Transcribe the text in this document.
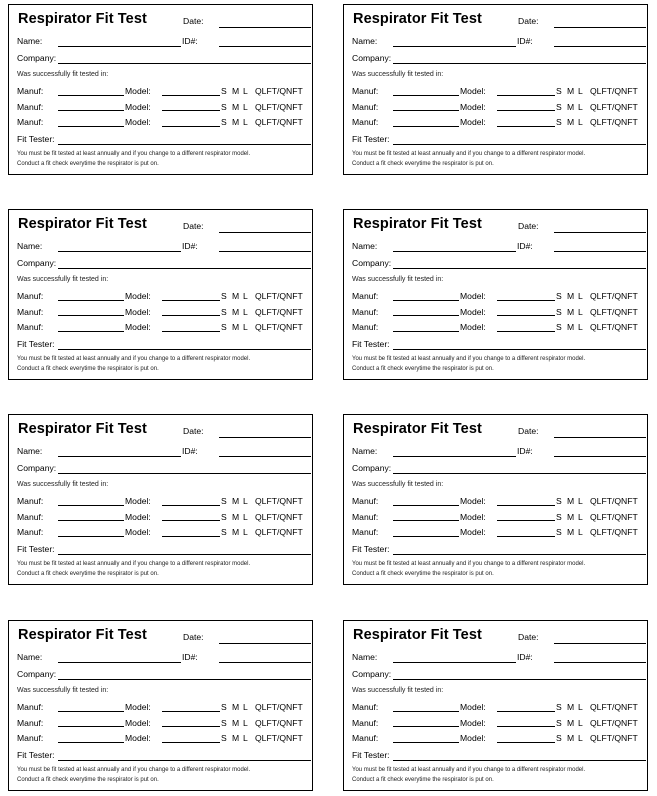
Respirator Fit Test	Date:
Name:	ID#:
Company:
Was successfully fit tested in:
Manuf:	Model:	S M L QLFT/QNFT
Manuf:	Model:	S M L QLFT/QNFT
Manuf:	Model:	S M L QLFT/QNFT
Fit Tester:
You must be fit tested at least annually and if you change to a different respirator model.
Conduct a fit check everytime the respirator is put on.
Respirator Fit Test	Date:
Name:	ID#:
Company:
Was successfully fit tested in:
Manuf:	Model:	S M L QLFT/QNFT
Manuf:	Model:	S M L QLFT/QNFT
Manuf:	Model:	S M L QLFT/QNFT
Fit Tester:
You must be fit tested at least annually and if you change to a different respirator model.
Conduct a fit check everytime the respirator is put on.
Respirator Fit Test	Date:
Name:	ID#:
Company:
Was successfully fit tested in:
Manuf:	Model:	S M L QLFT/QNFT
Manuf:	Model:	S M L QLFT/QNFT
Manuf:	Model:	S M L QLFT/QNFT
Fit Tester:
You must be fit tested at least annually and if you change to a different respirator model.
Conduct a fit check everytime the respirator is put on.
Respirator Fit Test	Date:
Name:	ID#:
Company:
Was successfully fit tested in:
Manuf:	Model:	S M L QLFT/QNFT
Manuf:	Model:	S M L QLFT/QNFT
Manuf:	Model:	S M L QLFT/QNFT
Fit Tester:
You must be fit tested at least annually and if you change to a different respirator model.
Conduct a fit check everytime the respirator is put on.
Respirator Fit Test	Date:
Name:	ID#:
Company:
Was successfully fit tested in:
Manuf:	Model:	S M L QLFT/QNFT
Manuf:	Model:	S M L QLFT/QNFT
Manuf:	Model:	S M L QLFT/QNFT
Fit Tester:
You must be fit tested at least annually and if you change to a different respirator model.
Conduct a fit check everytime the respirator is put on.
Respirator Fit Test	Date:
Name:	ID#:
Company:
Was successfully fit tested in:
Manuf:	Model:	S M L QLFT/QNFT
Manuf:	Model:	S M L QLFT/QNFT
Manuf:	Model:	S M L QLFT/QNFT
Fit Tester:
You must be fit tested at least annually and if you change to a different respirator model.
Conduct a fit check everytime the respirator is put on.
Respirator Fit Test	Date:
Name:	ID#:
Company:
Was successfully fit tested in:
Manuf:	Model:	S M L QLFT/QNFT
Manuf:	Model:	S M L QLFT/QNFT
Manuf:	Model:	S M L QLFT/QNFT
Fit Tester:
You must be fit tested at least annually and if you change to a different respirator model.
Conduct a fit check everytime the respirator is put on.
Respirator Fit Test	Date:
Name:	ID#:
Company:
Was successfully fit tested in:
Manuf:	Model:	S M L QLFT/QNFT
Manuf:	Model:	S M L QLFT/QNFT
Manuf:	Model:	S M L QLFT/QNFT
Fit Tester:
You must be fit tested at least annually and if you change to a different respirator model.
Conduct a fit check everytime the respirator is put on.
